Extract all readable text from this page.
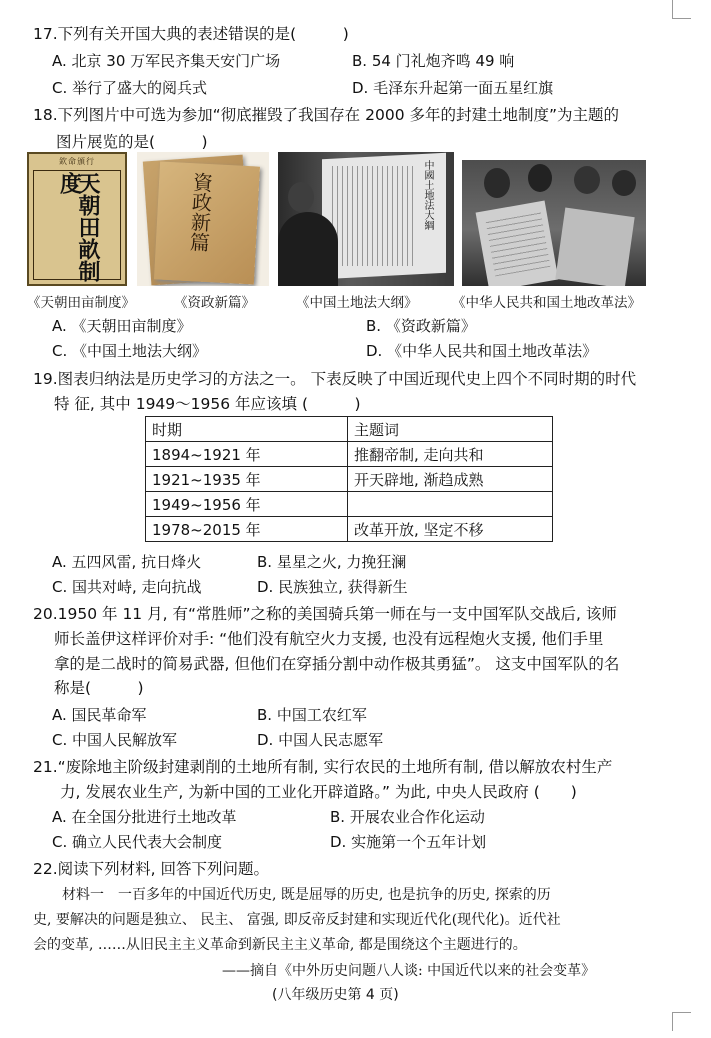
17.下列有关开国大典的表述错误的是(　　　)
A. 北京 30 万军民齐集天安门广场	B. 54 门礼炮齐鸣 49 响
C. 举行了盛大的阅兵式	D. 毛泽东升起第一面五星红旗
18.下列图片中可选为参加“彻底摧毁了我国存在 2000 多年的封建土地制度”为主题的
图片展览的是(　　　)
欽命頒行
天朝田畝制度	資政新篇	中國土地法大綱
《天朝田亩制度》	《资政新篇》	《中国土地法大纲》	《中华人民共和国土地改革法》
A. 《天朝田亩制度》	B. 《资政新篇》
C. 《中国土地法大纲》	D. 《中华人民共和国土地改革法》
19.图表归纳法是历史学习的方法之一。 下表反映了中国近现代史上四个不同时期的时代
特 征, 其中 1949～1956 年应该填 (　　　)
时期	主题词
1894~1921 年	推翻帝制, 走向共和
1921~1935 年	开天辟地, 渐趋成熟
1949~1956 年	
1978~2015 年	改革开放, 坚定不移
A. 五四风雷, 抗日烽火	B. 星星之火, 力挽狂澜
C. 国共对峙, 走向抗战	D. 民族独立, 获得新生
20.1950 年 11 月, 有“常胜师”之称的美国骑兵第一师在与一支中国军队交战后, 该师
师长盖伊这样评价对手: “他们没有航空火力支援, 也没有远程炮火支援, 他们手里
拿的是二战时的简易武器, 但他们在穿插分割中动作极其勇猛”。 这支中国军队的名
称是(　　　)
A. 国民革命军	B. 中国工农红军
C. 中国人民解放军	D. 中国人民志愿军
21.“废除地主阶级封建剥削的土地所有制, 实行农民的土地所有制, 借以解放农村生产
力, 发展农业生产, 为新中国的工业化开辟道路。” 为此, 中央人民政府 (　　)
A. 在全国分批进行土地改革	B. 开展农业合作化运动
C. 确立人民代表大会制度	D. 实施第一个五年计划
22.阅读下列材料, 回答下列问题。
材料一　一百多年的中国近代历史, 既是屈辱的历史, 也是抗争的历史, 探索的历
史, 要解决的问题是独立、 民主、 富强, 即反帝反封建和实现近代化(现代化)。近代社
会的变革, ……从旧民主主义革命到新民主主义革命, 都是围绕这个主题进行的。
——摘自《中外历史问题八人谈: 中国近代以来的社会变革》
(八年级历史第 4 页)
